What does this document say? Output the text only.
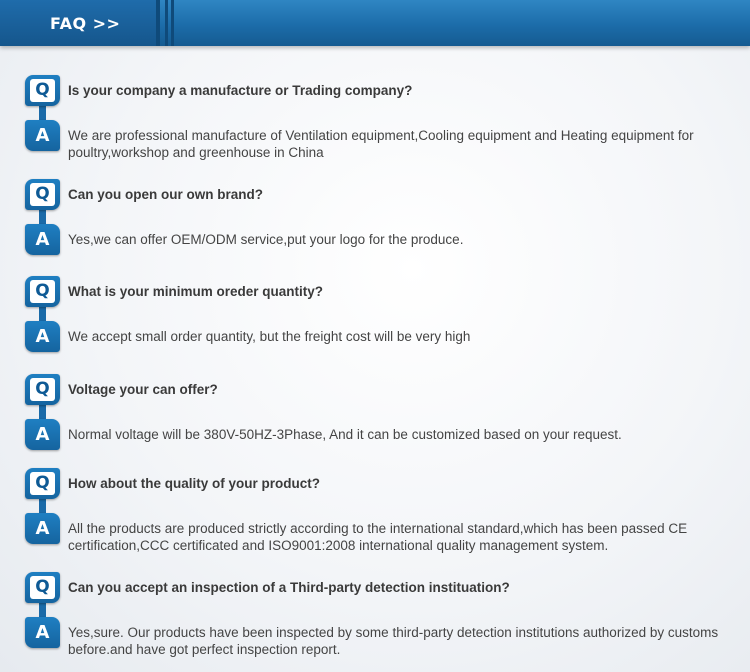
FAQ >>
Q
A
Is your company a manufacture or Trading company?
We are professional manufacture of Ventilation equipment,Cooling equipment and Heating equipment for poultry,workshop and greenhouse in China
Q
A
Can you open our own brand?
Yes,we can offer OEM/ODM service,put your logo for the produce.
Q
A
What is your minimum oreder quantity?
We accept small order quantity, but the freight cost will be very high
Q
A
Voltage your can offer?
Normal voltage will be 380V-50HZ-3Phase, And it can be customized based on your request.
Q
A
How about the quality of your product?
All the products are produced strictly according to the international standard,which has been passed CE certification,CCC certificated and ISO9001:2008 international quality management system.
Q
A
Can you accept an inspection of a Third-party detection instituation?
Yes,sure. Our products have been inspected by some third-party detection institutions authorized by customs before.and have got perfect inspection report.
